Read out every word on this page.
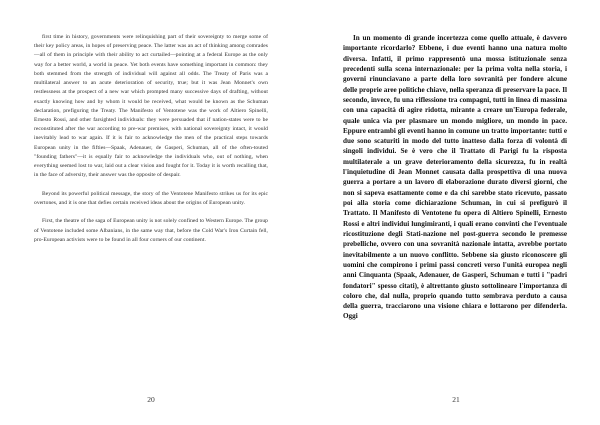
first time in history, governments were relinquishing part of their sovereignty to merge some of their key policy areas, in hopes of preserving peace. The latter was an act of thinking among comrades—all of them in principle with their ability to act curtailed—pointing at a federal Europe as the only way for a better world, a world in peace. Yet both events have something important in common: they both stemmed from the strength of individual will against all odds. The Treaty of Paris was a multilateral answer to an acute deterioration of security, true; but it was Jean Monnet's own restlessness at the prospect of a new war which prompted many successive days of drafting, without exactly knowing how and by whom it would be received, what would be known as the Schuman declaration, prefiguring the Treaty. The Manifesto of Ventotene was the work of Altiero Spinelli, Ernesto Rossi, and other farsighted individuals: they were persuaded that if nation-states were to be reconstituted after the war according to pre-war premises, with national sovereignty intact, it would inevitably lead to war again. If it is fair to acknowledge the men of the practical steps towards European unity in the fifties—Spaak, Adenauer, de Gasperi, Schuman, all of the often-touted "founding fathers"—it is equally fair to acknowledge the individuals who, out of nothing, when everything seemed lost to war, laid out a clear vision and fought for it. Today it is worth recalling that, in the face of adversity, their answer was the opposite of despair.

Beyond its powerful political message, the story of the Ventotene Manifesto strikes us for its epic overtones, and it is one that defies certain received ideas about the origins of European unity.

First, the theatre of the saga of European unity is not solely confined to Western Europe. The group of Ventotene included some Albanians, in the same way that, before the Cold War's Iron Curtain fell, pro-European activists were to be found in all four corners of our continent.

20

In un momento di grande incertezza come quello attuale, è davvero importante ricordarlo? Ebbene, i due eventi hanno una natura molto diversa. Infatti, il primo rappresentò una mossa istituzionale senza precedenti sulla scena internazionale: per la prima volta nella storia, i governi rinunciavano a parte della loro sovranità per fondere alcune delle proprie aree politiche chiave, nella speranza di preservare la pace. Il secondo, invece, fu una riflessione tra compagni, tutti in linea di massima con una capacità di agire ridotta, mirante a creare un'Europa federale, quale unica via per plasmare un mondo migliore, un mondo in pace. Eppure entrambi gli eventi hanno in comune un tratto importante: tutti e due sono scaturiti in modo del tutto inatteso dalla forza di volontà di singoli individui. Se è vero che il Trattato di Parigi fu la risposta multilaterale a un grave deterioramento della sicurezza, fu in realtà l'inquietudine di Jean Monnet causata dalla prospettiva di una nuova guerra a portare a un lavoro di elaborazione durato diversi giorni, che non si sapeva esattamente come e da chi sarebbe stato ricevuto, passato poi alla storia come dichiarazione Schuman, in cui si prefigurò il Trattato. Il Manifesto di Ventotene fu opera di Altiero Spinelli, Ernesto Rossi e altri individui lungimiranti, i quali erano convinti che l'eventuale ricostituzione degli Stati-nazione nel post-guerra secondo le premesse prebelliche, ovvero con una sovranità nazionale intatta, avrebbe portato inevitabilmente a un nuovo conflitto. Sebbene sia giusto riconoscere gli uomini che compirono i primi passi concreti verso l'unità europea negli anni Cinquanta (Spaak, Adenauer, de Gasperi, Schuman e tutti i "padri fondatori" spesso citati), è altrettanto giusto sottolineare l'importanza di coloro che, dal nulla, proprio quando tutto sembrava perduto a causa della guerra, tracciarono una visione chiara e lottarono per difenderla. Oggi

21
